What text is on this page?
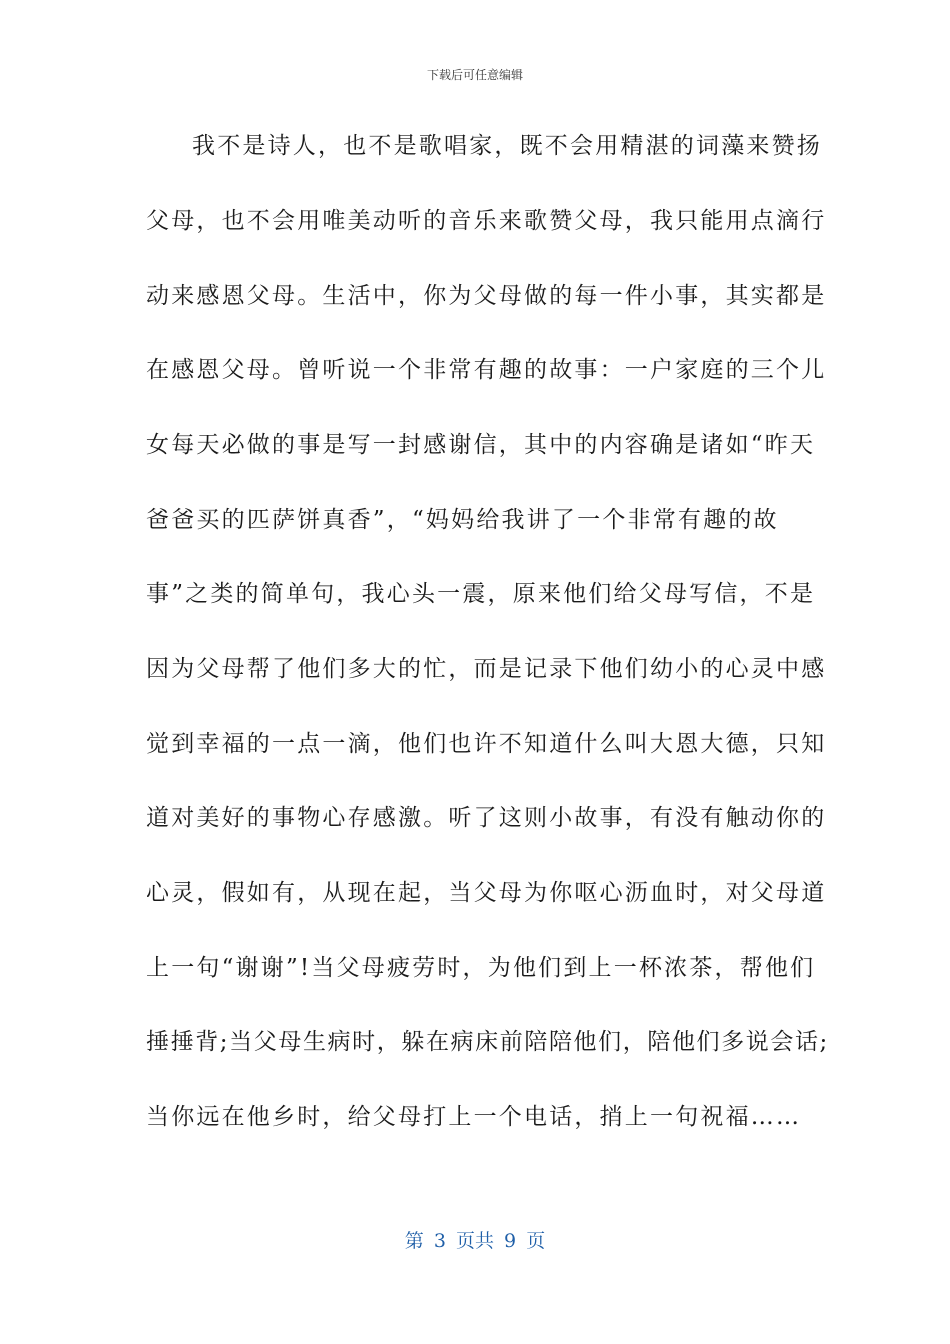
下载后可任意编辑
我不是诗人，也不是歌唱家，既不会用精湛的词藻来赞扬
父母，也不会用唯美动听的音乐来歌赞父母，我只能用点滴行
动来感恩父母。生活中，你为父母做的每一件小事，其实都是
在感恩父母。曾听说一个非常有趣的故事：一户家庭的三个儿
女每天必做的事是写一封感谢信，其中的内容确是诸如“昨天
爸爸买的匹萨饼真香”，“妈妈给我讲了一个非常有趣的故
事”之类的简单句，我心头一震，原来他们给父母写信，不是
因为父母帮了他们多大的忙，而是记录下他们幼小的心灵中感
觉到幸福的一点一滴，他们也许不知道什么叫大恩大德，只知
道对美好的事物心存感激。听了这则小故事，有没有触动你的
心灵，假如有，从现在起，当父母为你呕心沥血时，对父母道
上一句“谢谢”!当父母疲劳时，为他们到上一杯浓茶，帮他们
捶捶背;当父母生病时，躲在病床前陪陪他们，陪他们多说会话;
当你远在他乡时，给父母打上一个电话，捎上一句祝福……
第 3 页共 9 页
